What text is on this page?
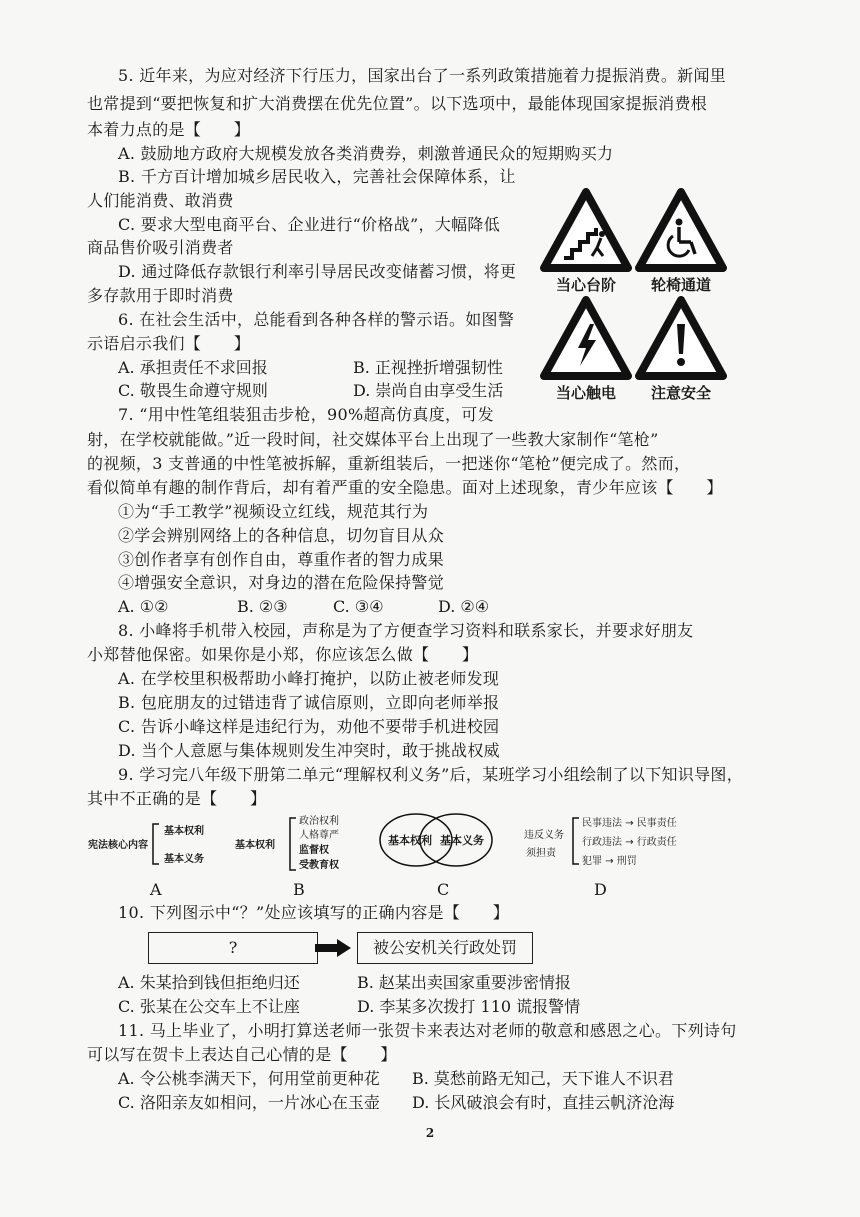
5. 近年来，为应对经济下行压力，国家出台了一系列政策措施着力提振消费。新闻里
也常提到“要把恢复和扩大消费摆在优先位置”。以下选项中，最能体现国家提振消费根
本着力点的是【　　】
A. 鼓励地方政府大规模发放各类消费券，刺激普通民众的短期购买力
B. 千方百计增加城乡居民收入，完善社会保障体系，让
人们能消费、敢消费
C. 要求大型电商平台、企业进行“价格战”，大幅降低
商品售价吸引消费者
D. 通过降低存款银行利率引导居民改变储蓄习惯，将更
多存款用于即时消费
当心台阶	轮椅通道
当心触电	注意安全
6. 在社会生活中，总能看到各种各样的警示语。如图警
示语启示我们【　　】
A. 承担责任不求回报	B. 正视挫折增强韧性
C. 敬畏生命遵守规则	D. 崇尚自由享受生活
7. “用中性笔组装狙击步枪，90%超高仿真度，可发
射，在学校就能做。”近一段时间，社交媒体平台上出现了一些教大家制作“笔枪”
的视频，3 支普通的中性笔被拆解，重新组装后，一把迷你“笔枪”便完成了。然而，
看似简单有趣的制作背后，却有着严重的安全隐患。面对上述现象，青少年应该【　　】
①为“手工教学”视频设立红线，规范其行为
②学会辨别网络上的各种信息，切勿盲目从众
③创作者享有创作自由，尊重作者的智力成果
④增强安全意识，对身边的潜在危险保持警觉
A. ①②	B. ②③	C. ③④	D. ②④
8. 小峰将手机带入校园，声称是为了方便查学习资料和联系家长，并要求好朋友
小郑替他保密。如果你是小郑，你应该怎么做【　　】
A. 在学校里积极帮助小峰打掩护，以防止被老师发现
B. 包庇朋友的过错违背了诚信原则，立即向老师举报
C. 告诉小峰这样是违纪行为，劝他不要带手机进校园
D. 当个人意愿与集体规则发生冲突时，敢于挑战权威
9. 学习完八年级下册第二单元“理解权利义务”后，某班学习小组绘制了以下知识导图，
其中不正确的是【　　】
宪法核心内容
基本权利
基本义务
基本权利
政治权利
人格尊严
监督权
受教育权
基本权利 基本义务	违反义务
须担责
民事违法 → 民事责任
行政违法 → 行政责任
犯罪 → 刑罚
A	B	C	D
10. 下列图示中“？”处应该填写的正确内容是【　　】
?	被公安机关行政处罚
A. 朱某拾到钱但拒绝归还	B. 赵某出卖国家重要涉密情报
C. 张某在公交车上不让座	D. 李某多次拨打 110 谎报警情
11. 马上毕业了，小明打算送老师一张贺卡来表达对老师的敬意和感恩之心。下列诗句
可以写在贺卡上表达自己心情的是【　　】
A. 令公桃李满天下，何用堂前更种花 B. 莫愁前路无知己，天下谁人不识君
C. 洛阳亲友如相问，一片冰心在玉壶 D. 长风破浪会有时，直挂云帆济沧海
2
